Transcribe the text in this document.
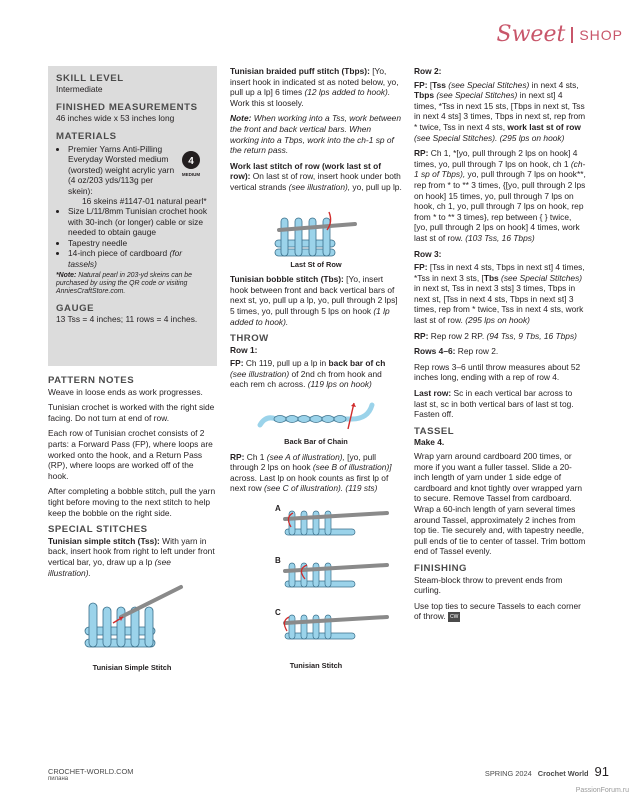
Sweet SHOP
SKILL LEVEL
Intermediate
FINISHED MEASUREMENTS
46 inches wide x 53 inches long
MATERIALS
• Premier Yarns Anti-Pilling Everyday Worsted medium (worsted) weight acrylic yarn (4 oz/203 yds/113g per skein):
16 skeins #1147-01 natural pearl*
4
MEDIUM
• Size L/11/8mm Tunisian crochet hook with 30-inch (or longer) cable or size needed to obtain gauge
• Tapestry needle
• 14-inch piece of cardboard (for tassels)
*Note: Natural pearl in 203-yd skeins can be purchased by using the QR code or visiting AnniesCraftStore.com.
GAUGE
13 Tss = 4 inches; 11 rows = 4 inches.
PATTERN NOTES

Weave in loose ends as work progresses.

Tunisian crochet is worked with the right side facing. Do not turn at end of row.

Each row of Tunisian crochet consists of 2 parts: a Forward Pass (FP), where loops are worked onto the hook, and a Return Pass (RP), where loops are worked off of the hook.

After completing a bobble stitch, pull the yarn tight before moving to the next stitch to help keep the bobble on the right side.

SPECIAL STITCHES

Tunisian simple stitch (Tss): With yarn in back, insert hook from right to left under front vertical bar, yo, draw up a lp (see illustration).

Tunisian Simple Stitch

Tunisian braided puff stitch (Tbps): [Yo, insert hook in indicated st as noted below, yo, pull up a lp] 6 times (12 lps added to hook). Work this st loosely.

Note: When working into a Tss, work between the front and back vertical bars. When working into a Tbps, work into the ch-1 sp of the return pass.

Work last stitch of row (work last st of row): On last st of row, insert hook under both vertical strands (see illustration), yo, pull up lp.

Last St of Row

Tunisian bobble stitch (Tbs): [Yo, insert hook between front and back vertical bars of next st, yo, pull up a lp, yo, pull through 2 lps] 5 times, yo, pull through 5 lps on hook (1 lp added to hook).

THROW
Row 1:

FP: Ch 119, pull up a lp in back bar of ch (see illustration) of 2nd ch from hook and each rem ch across. (119 lps on hook)

Back Bar of Chain

RP: Ch 1 (see A of illustration), [yo, pull through 2 lps on hook (see B of illustration)] across. Last lp on hook counts as first lp of next row (see C of illustration). (119 sts)

A
B
C
Tunisian Stitch
Row 2:

FP: [Tss (see Special Stitches) in next 4 sts, Tbps (see Special Stitches) in next st] 4 times, *Tss in next 15 sts, [Tbps in next st, Tss in next 4 sts] 3 times, Tbps in next st, rep from * twice, Tss in next 4 sts, work last st of row (see Special Stitches). (295 lps on hook)

RP: Ch 1, *[yo, pull through 2 lps on hook] 4 times, yo, pull through 7 lps on hook, ch 1 (ch-1 sp of Tbps), yo, pull through 7 lps on hook**, rep from * to ** 3 times, {[yo, pull through 2 lps on hook] 15 times, yo, pull through 7 lps on hook, ch 1, yo, pull through 7 lps on hook, rep from * to ** 3 times}, rep between { } twice, [yo, pull through 2 lps on hook] 4 times, work last st of row. (103 Tss, 16 Tbps)

Row 3:

FP: [Tss in next 4 sts, Tbps in next st] 4 times, *Tss in next 3 sts, [Tbs (see Special Stitches) in next st, Tss in next 3 sts] 3 times, Tbps in next st, [Tss in next 4 sts, Tbps in next st] 3 times, rep from * twice, Tss in next 4 sts, work last st of row. (295 lps on hook)

RP: Rep row 2 RP. (94 Tss, 9 Tbs, 16 Tbps)

Rows 4–6: Rep row 2.

Rep rows 3–6 until throw measures about 52 inches long, ending with a rep of row 4.

Last row: Sc in each vertical bar across to last st, sc in both vertical bars of last st tog. Fasten off.

TASSEL
Make 4.

Wrap yarn around cardboard 200 times, or more if you want a fuller tassel. Slide a 20-inch length of yarn under 1 side edge of cardboard and knot tightly over wrapped yarn to secure. Remove Tassel from cardboard. Wrap a 60-inch length of yarn several times around Tassel, approximately 2 inches from top tie. Tie securely and, with tapestry needle, pull ends of tie to center of tassel. Trim bottom end of Tassel evenly.

FINISHING

Steam-block throw to prevent ends from curling.

Use top ties to secure Tassels to each corner of throw. CW

CROCHET-WORLD.COM
пилана
SPRING 2024 Crochet World 91
PassionForum.ru
